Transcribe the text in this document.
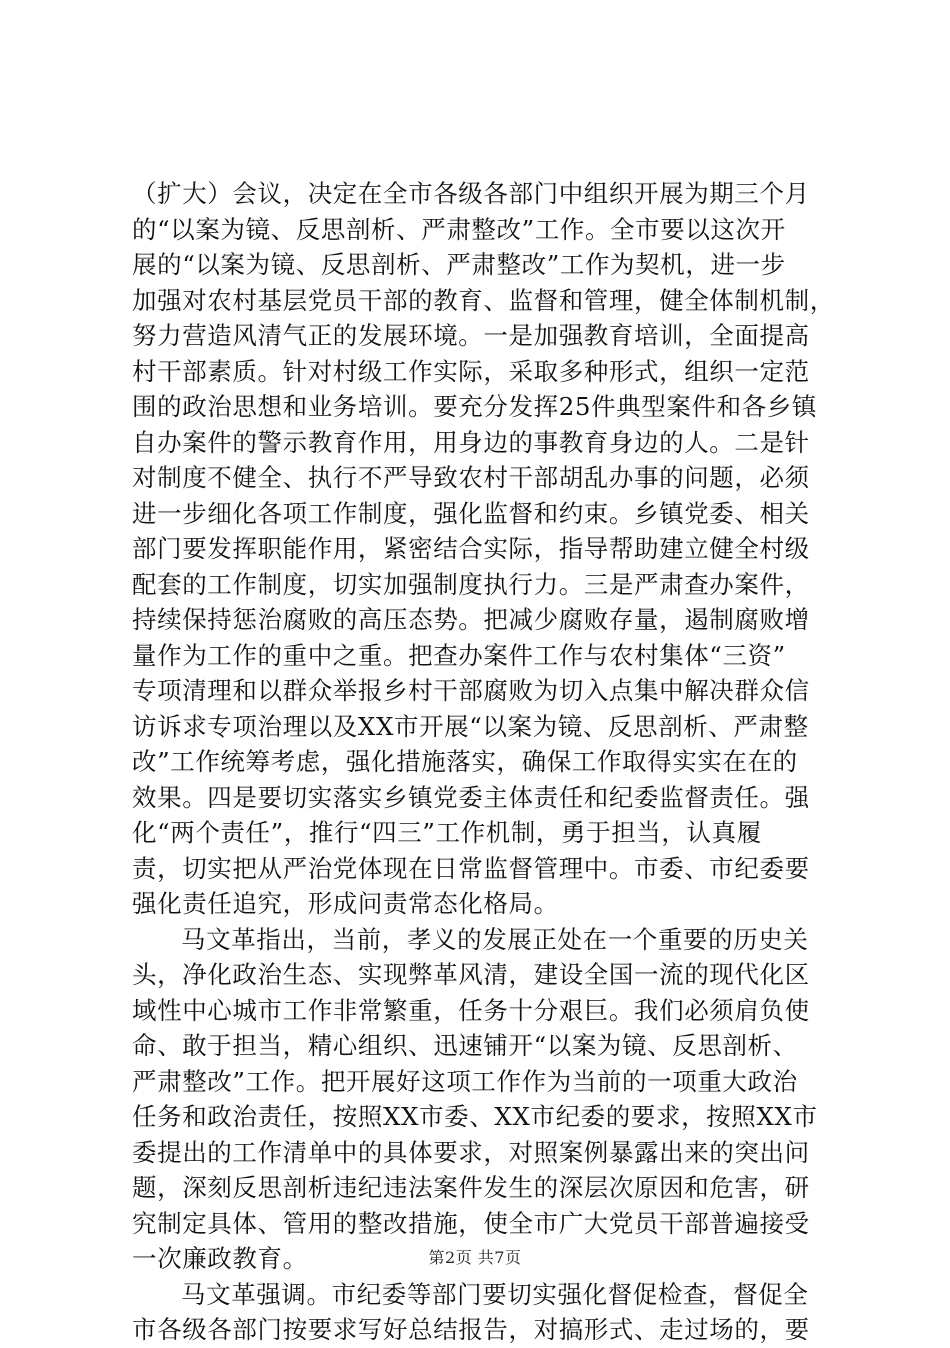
（扩大）会议，决定在全市各级各部门中组织开展为期三个月
的“以案为镜、反思剖析、严肃整改”工作。全市要以这次开
展的“以案为镜、反思剖析、严肃整改”工作为契机，进一步
加强对农村基层党员干部的教育、监督和管理，健全体制机制，
努力营造风清气正的发展环境。一是加强教育培训，全面提高
村干部素质。针对村级工作实际，采取多种形式，组织一定范
围的政治思想和业务培训。要充分发挥25件典型案件和各乡镇
自办案件的警示教育作用，用身边的事教育身边的人。二是针
对制度不健全、执行不严导致农村干部胡乱办事的问题，必须
进一步细化各项工作制度，强化监督和约束。乡镇党委、相关
部门要发挥职能作用，紧密结合实际，指导帮助建立健全村级
配套的工作制度，切实加强制度执行力。三是严肃查办案件，
持续保持惩治腐败的高压态势。把减少腐败存量，遏制腐败增
量作为工作的重中之重。把查办案件工作与农村集体“三资”
专项清理和以群众举报乡村干部腐败为切入点集中解决群众信
访诉求专项治理以及XX市开展“以案为镜、反思剖析、严肃整
改”工作统筹考虑，强化措施落实，确保工作取得实实在在的
效果。四是要切实落实乡镇党委主体责任和纪委监督责任。强
化“两个责任”，推行“四三”工作机制，勇于担当，认真履
责，切实把从严治党体现在日常监督管理中。市委、市纪委要
强化责任追究，形成问责常态化格局。
马文革指出，当前，孝义的发展正处在一个重要的历史关
头，净化政治生态、实现弊革风清，建设全国一流的现代化区
域性中心城市工作非常繁重，任务十分艰巨。我们必须肩负使
命、敢于担当，精心组织、迅速铺开“以案为镜、反思剖析、
严肃整改”工作。把开展好这项工作作为当前的一项重大政治
任务和政治责任，按照XX市委、XX市纪委的要求，按照XX市
委提出的工作清单中的具体要求，对照案例暴露出来的突出问
题，深刻反思剖析违纪违法案件发生的深层次原因和危害，研
究制定具体、管用的整改措施，使全市广大党员干部普遍接受
一次廉政教育。
马文革强调。市纪委等部门要切实强化督促检查，督促全
市各级各部门按要求写好总结报告，对搞形式、走过场的，要
第2页 共7页
